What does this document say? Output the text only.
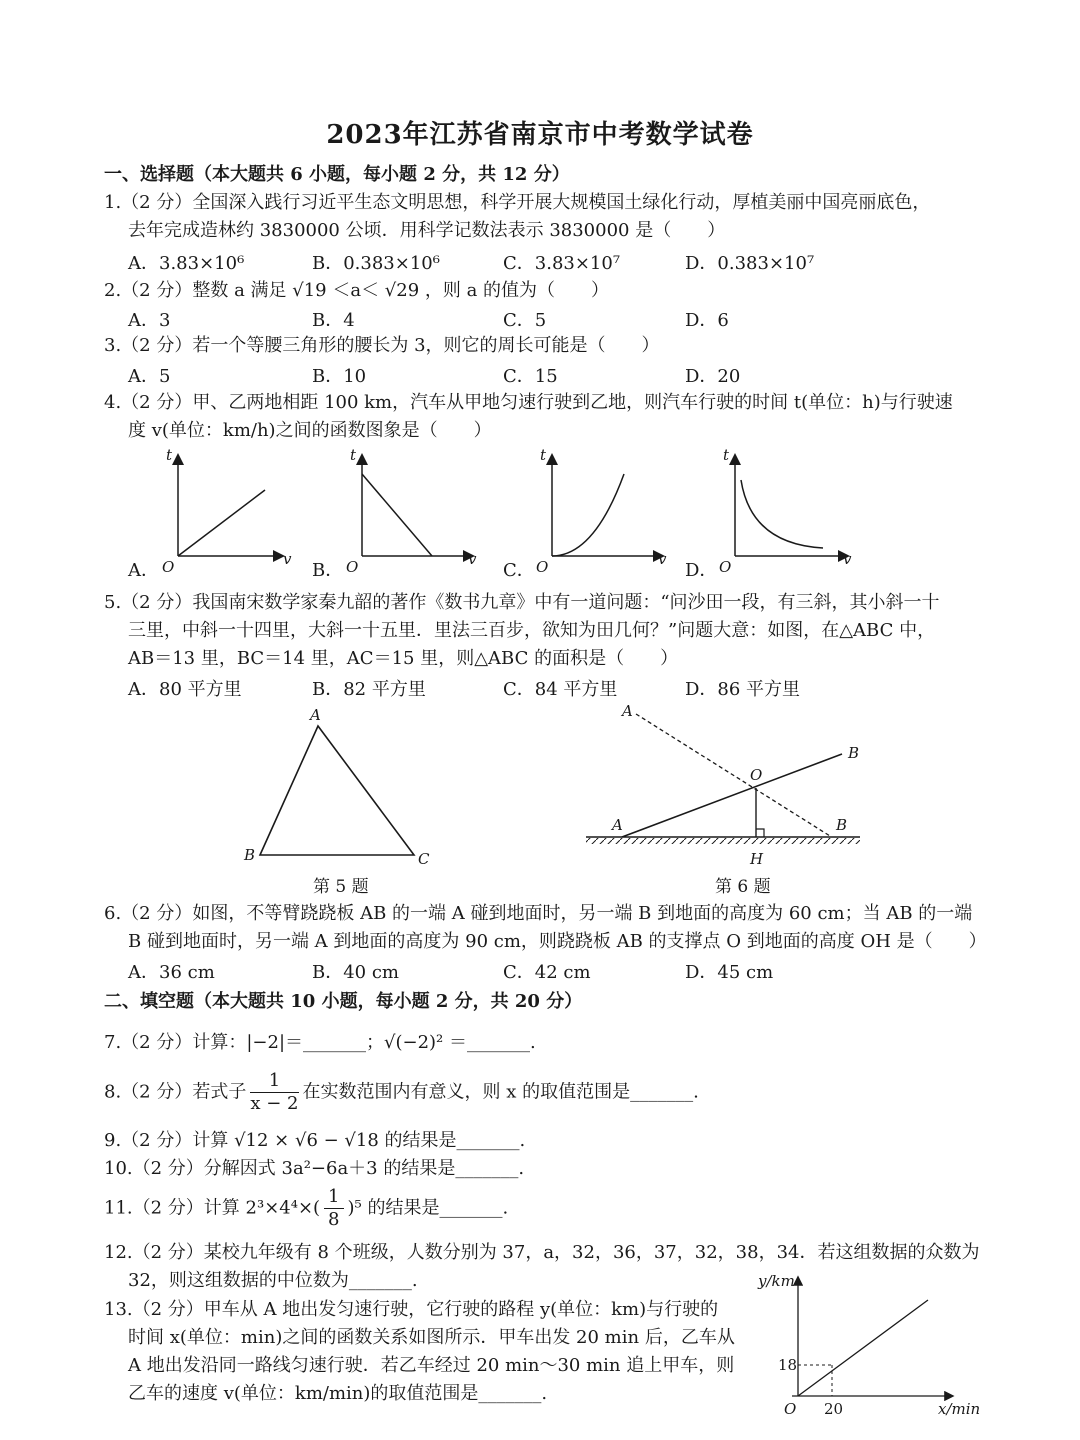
2023年江苏省南京市中考数学试卷
一、选择题（本大题共 6 小题，每小题 2 分，共 12 分）
1.（2 分）全国深入践行习近平生态文明思想，科学开展大规模国土绿化行动，厚植美丽中国亮丽底色，
去年完成造林约 3830000 公顷．用科学记数法表示 3830000 是（　　）
A．3.83×10⁶	B．0.383×10⁶	C．3.83×10⁷	D．0.383×10⁷
2.（2 分）整数 a 满足 √19 ＜a＜ √29 ，则 a 的值为（　　）
A．3	B．4	C．5	D．6
3.（2 分）若一个等腰三角形的腰长为 3，则它的周长可能是（　　）
A．5	B．10	C．15	D．20
4.（2 分）甲、乙两地相距 100 km，汽车从甲地匀速行驶到乙地，则汽车行驶的时间 t(单位：h)与行驶速
度 v(单位：km/h)之间的函数图象是（　　）
A．
t
v
O	B．
t
v
O	C．
t
v
O	D．
t
v
O
5.（2 分）我国南宋数学家秦九韶的著作《数书九章》中有一道问题：“问沙田一段，有三斜，其小斜一十
三里，中斜一十四里，大斜一十五里．里法三百步，欲知为田几何？”问题大意：如图，在△ABC 中，
AB＝13 里，BC＝14 里，AC＝15 里，则△ABC 的面积是（　　）
A．80 平方里	B．82 平方里	C．84 平方里	D．86 平方里
A
B	C
第 5 题
A
B
O
A	B
H
第 6 题
6.（2 分）如图，不等臂跷跷板 AB 的一端 A 碰到地面时，另一端 B 到地面的高度为 60 cm；当 AB 的一端
B 碰到地面时，另一端 A 到地面的高度为 90 cm，则跷跷板 AB 的支撑点 O 到地面的高度 OH 是（　　）
A．36 cm	B．40 cm	C．42 cm	D．45 cm
二、填空题（本大题共 10 小题，每小题 2 分，共 20 分）
7.（2 分）计算：|−2|＝_______；√(−2)² ＝_______.
8.（2 分）若式子 $\frac{1}{x - 2}$ 在实数范围内有意义，则 x 的取值范围是_______.
9.（2 分）计算 √12 × √6 − √18 的结果是_______.
10.（2 分）分解因式 3a²−6a＋3 的结果是_______.
11.（2 分）计算 $2^3\times 4^4\times( \frac{1}{8} )^5$ 的结果是_______.
12.（2 分）某校九年级有 8 个班级，人数分别为 37，a，32，36，37，32，38，34．若这组数据的众数为
32，则这组数据的中位数为_______.
13.（2 分）甲车从 A 地出发匀速行驶，它行驶的路程 y(单位：km)与行驶的
时间 x(单位：min)之间的函数关系如图所示．甲车出发 20 min 后，乙车从
A 地出发沿同一路线匀速行驶．若乙车经过 20 min～30 min 追上甲车，则
乙车的速度 v(单位：km/min)的取值范围是_______.
y/km
x/min
18
20
O
